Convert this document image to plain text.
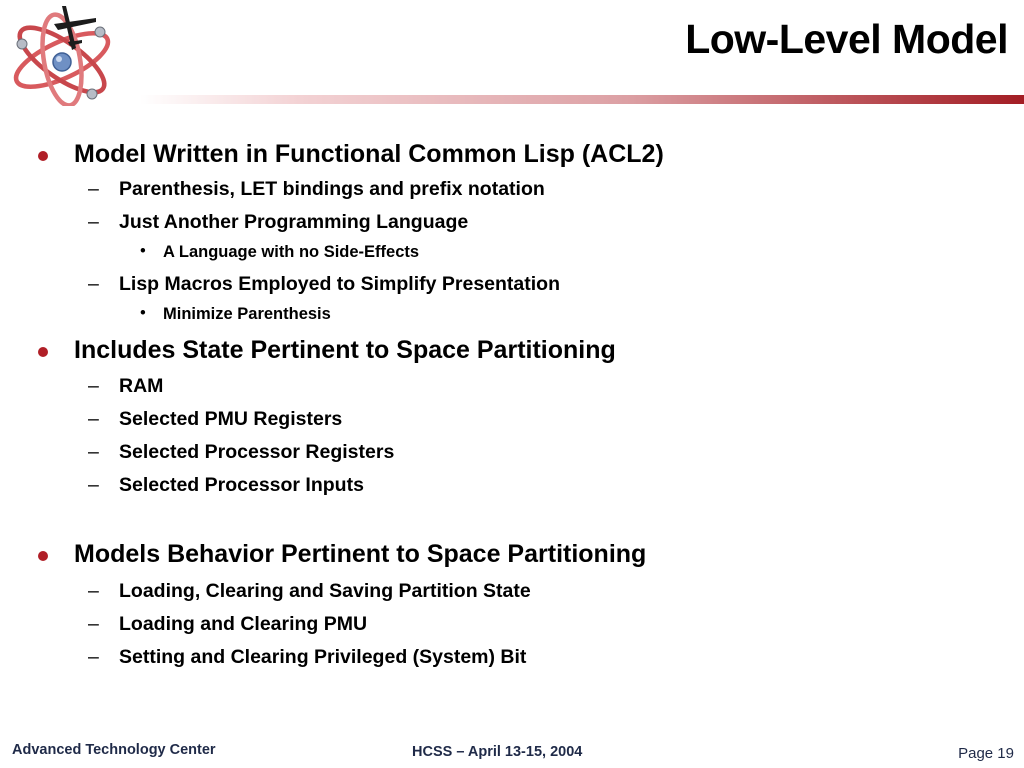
Low-Level Model
Model Written in Functional Common Lisp (ACL2)
– Parenthesis, LET bindings and prefix notation
– Just Another Programming Language
• A Language with no Side-Effects
– Lisp Macros Employed to Simplify Presentation
• Minimize Parenthesis
Includes State Pertinent to Space Partitioning
– RAM
– Selected PMU Registers
– Selected Processor Registers
– Selected Processor Inputs
Models Behavior Pertinent to Space Partitioning
– Loading, Clearing and Saving Partition State
– Loading and Clearing PMU
– Setting and Clearing Privileged (System) Bit
Advanced Technology Center	HCSS – April 13-15, 2004	Page 19
